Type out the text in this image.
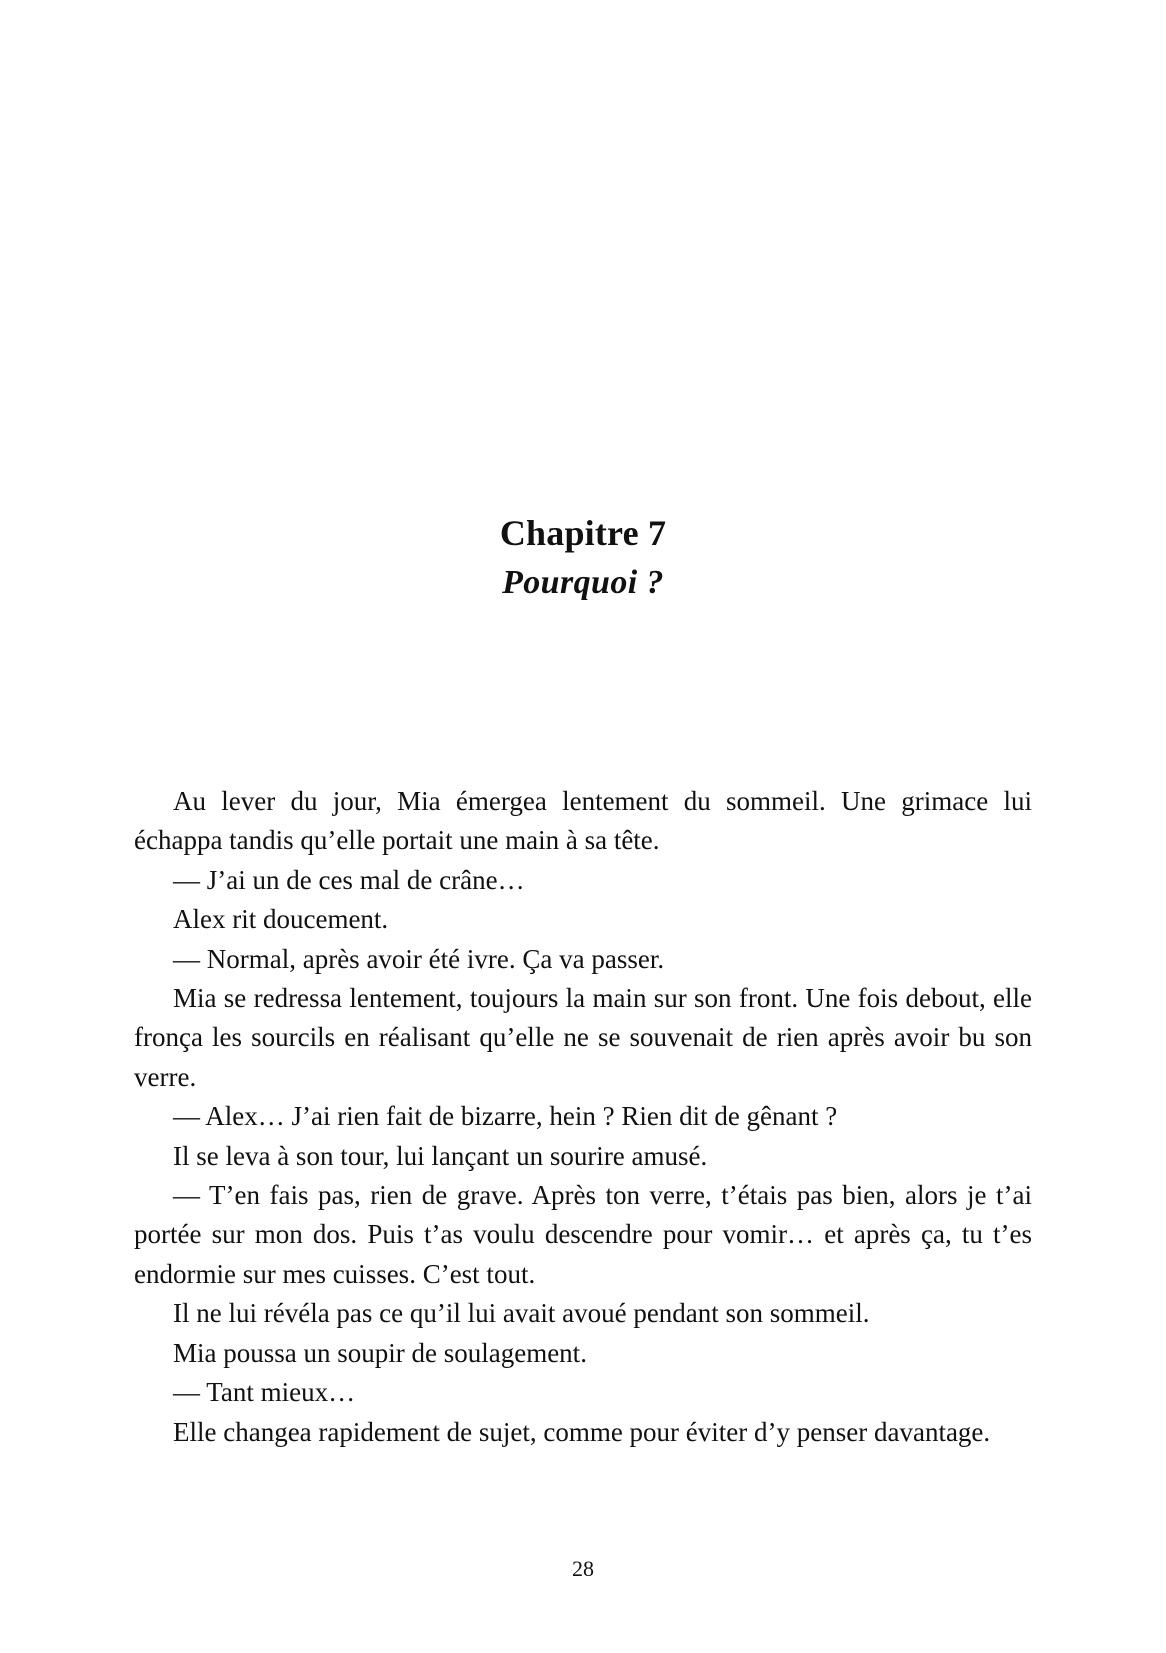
Chapitre 7
Pourquoi ?

Au lever du jour, Mia émergea lentement du sommeil. Une grimace lui échappa tandis qu’elle portait une main à sa tête.

— J’ai un de ces mal de crâne…

Alex rit doucement.

— Normal, après avoir été ivre. Ça va passer.

Mia se redressa lentement, toujours la main sur son front. Une fois debout, elle fronça les sourcils en réalisant qu’elle ne se souvenait de rien après avoir bu son verre.

— Alex… J’ai rien fait de bizarre, hein ? Rien dit de gênant ?

Il se leva à son tour, lui lançant un sourire amusé.

— T’en fais pas, rien de grave. Après ton verre, t’étais pas bien, alors je t’ai portée sur mon dos. Puis t’as voulu descendre pour vomir… et après ça, tu t’es endormie sur mes cuisses. C’est tout.

Il ne lui révéla pas ce qu’il lui avait avoué pendant son sommeil.

Mia poussa un soupir de soulagement.

— Tant mieux…

Elle changea rapidement de sujet, comme pour éviter d’y penser davantage.

28
